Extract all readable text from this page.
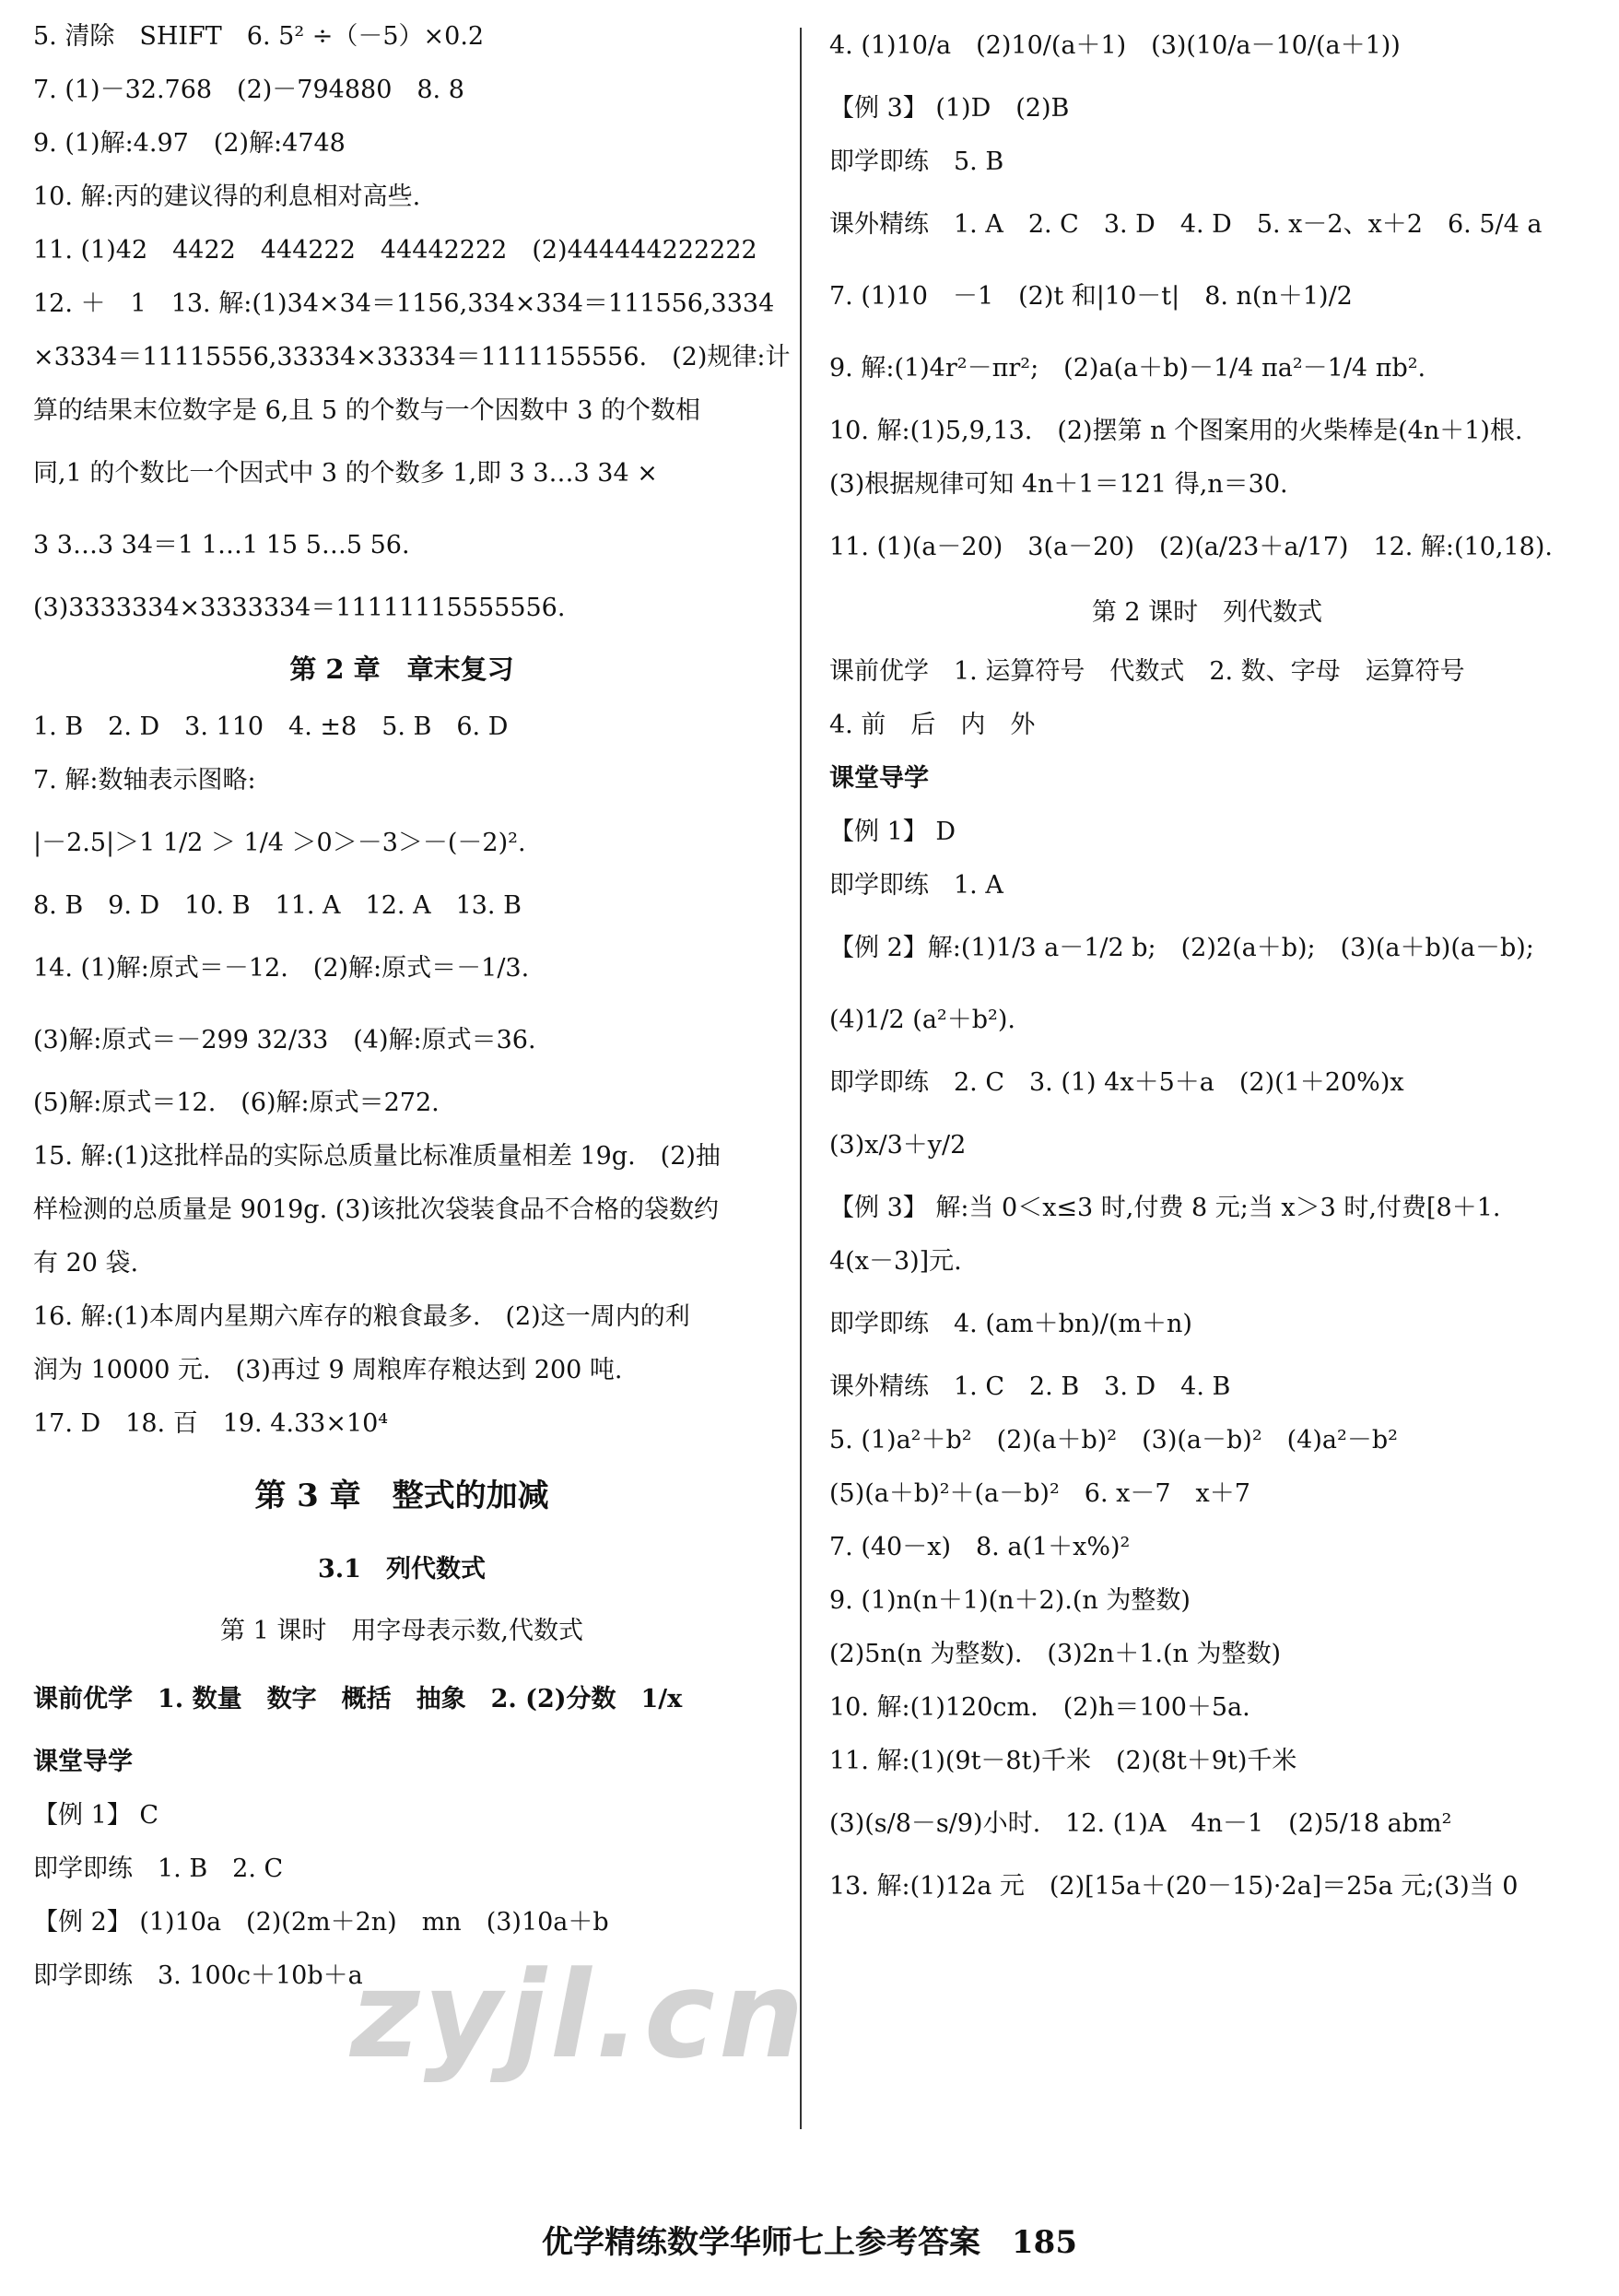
5. 清除　SHIFT　6. 5² ÷（－5）×0.2
7. (1)－32.768　(2)－794880　8. 8
9. (1)解:4.97　(2)解:4748
10. 解:丙的建议得的利息相对高些.
11. (1)42　4422　444222　44442222　(2)444444222222
12. ＋　1　13. 解:(1)34×34＝1156,334×334＝111556,3334
×3334＝11115556,33334×33334＝1111155556.　(2)规律:计
算的结果末位数字是 6,且 5 的个数与一个因数中 3 的个数相
同,1 的个数比一个因式中 3 的个数多 1,即 3 3…3 34 ×
3 3…3 34＝1 1…1 15 5…5 56.
(3)3333334×3333334＝11111115555556.
第 2 章　章末复习
1. B　2. D　3. 110　4. ±8　5. B　6. D
7. 解:数轴表示图略:
|－2.5|＞1 1/2 ＞ 1/4 ＞0＞－3＞－(－2)².
8. B　9. D　10. B　11. A　12. A　13. B
14. (1)解:原式＝－12.　(2)解:原式＝－1/3.
(3)解:原式＝－299 32/33　(4)解:原式＝36.
(5)解:原式＝12.　(6)解:原式＝272.
15. 解:(1)这批样品的实际总质量比标准质量相差 19g.　(2)抽
样检测的总质量是 9019g. (3)该批次袋装食品不合格的袋数约
有 20 袋.
16. 解:(1)本周内星期六库存的粮食最多.　(2)这一周内的利
润为 10000 元.　(3)再过 9 周粮库存粮达到 200 吨.
17. D　18. 百　19. 4.33×10⁴
第 3 章　整式的加减
3.1　列代数式
第 1 课时　用字母表示数,代数式
课前优学　1. 数量　数字　概括　抽象　2. (2)分数　1/x
课堂导学
【例 1】 C
即学即练　1. B　2. C
【例 2】 (1)10a　(2)(2m＋2n)　mn　(3)10a＋b
即学即练　3. 100c＋10b＋a
4. (1)10/a　(2)10/(a＋1)　(3)(10/a－10/(a＋1))
【例 3】 (1)D　(2)B
即学即练　5. B
课外精练　1. A　2. C　3. D　4. D　5. x－2、x＋2　6. 5/4 a
7. (1)10　－1　(2)t 和|10－t|　8. n(n＋1)/2
9. 解:(1)4r²－πr²;　(2)a(a＋b)－1/4 πa²－1/4 πb².
10. 解:(1)5,9,13.　(2)摆第 n 个图案用的火柴棒是(4n＋1)根.
(3)根据规律可知 4n＋1＝121 得,n＝30.
11. (1)(a－20)　3(a－20)　(2)(a/23＋a/17)　12. 解:(10,18).
第 2 课时　列代数式
课前优学　1. 运算符号　代数式　2. 数、字母　运算符号
4. 前　后　内　外
课堂导学
【例 1】 D
即学即练　1. A
【例 2】解:(1)1/3 a－1/2 b;　(2)2(a＋b);　(3)(a＋b)(a－b);
(4)1/2 (a²＋b²).
即学即练　2. C　3. (1) 4x＋5＋a　(2)(1＋20%)x
(3)x/3＋y/2
【例 3】 解:当 0＜x≤3 时,付费 8 元;当 x＞3 时,付费[8＋1.
4(x－3)]元.
即学即练　4. (am＋bn)/(m＋n)
课外精练　1. C　2. B　3. D　4. B
5. (1)a²＋b²　(2)(a＋b)²　(3)(a－b)²　(4)a²－b²
(5)(a＋b)²＋(a－b)²　6. x－7　x＋7
7. (40－x)　8. a(1＋x%)²
9. (1)n(n＋1)(n＋2).(n 为整数)
(2)5n(n 为整数).　(3)2n＋1.(n 为整数)
10. 解:(1)120cm.　(2)h＝100＋5a.
11. 解:(1)(9t－8t)千米　(2)(8t＋9t)千米
(3)(s/8－s/9)小时.　12. (1)A　4n－1　(2)5/18 abm²
13. 解:(1)12a 元　(2)[15a＋(20－15)·2a]＝25a 元;(3)当 0
zyjl.cn
优学精练数学华师七上参考答案　185
